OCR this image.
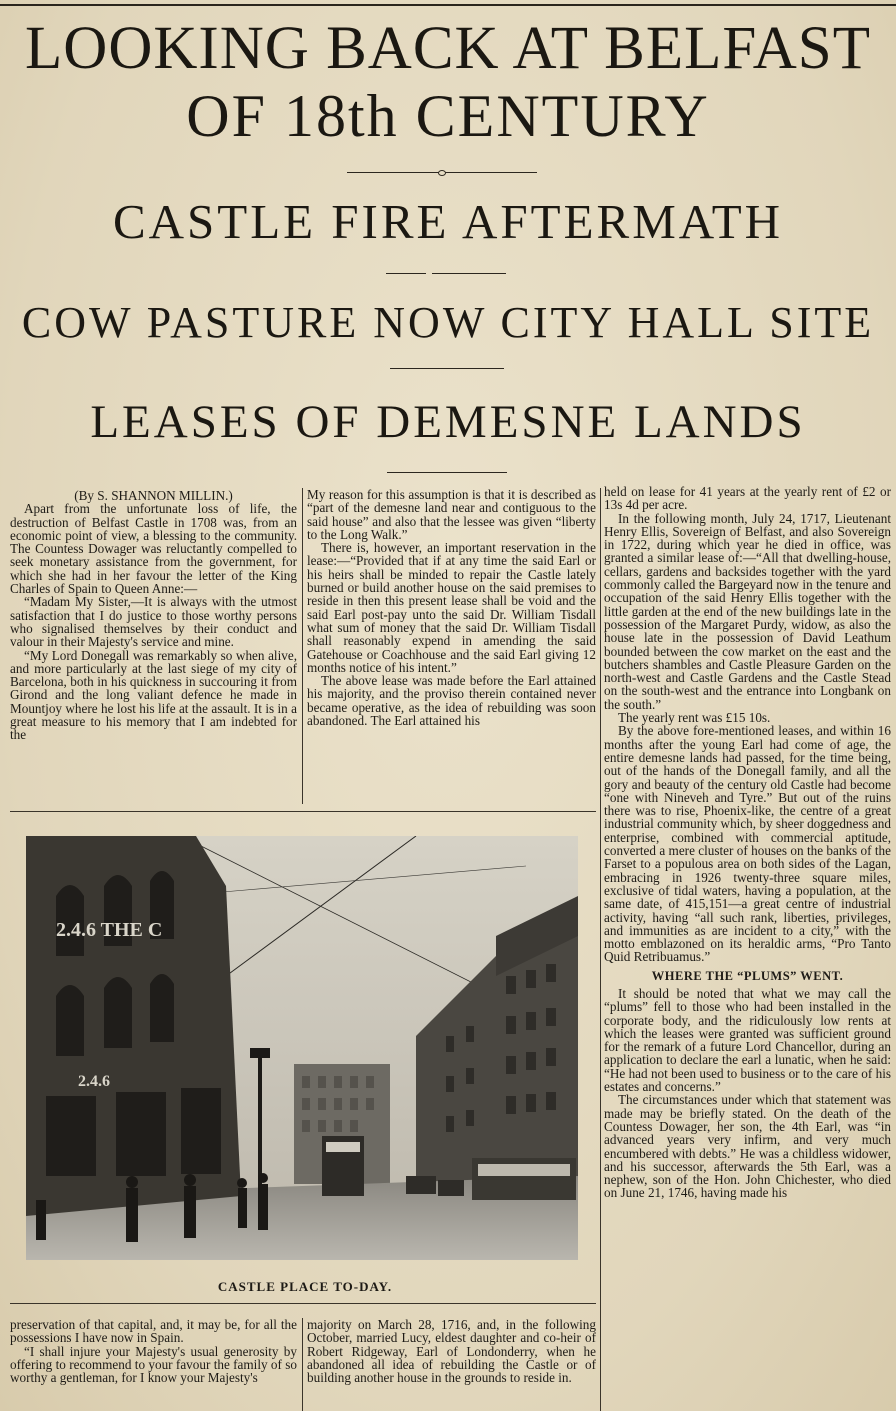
LOOKING BACK AT BELFAST
OF 18th CENTURY
CASTLE FIRE AFTERMATH
COW PASTURE NOW CITY HALL SITE
LEASES OF DEMESNE LANDS

(By S. SHANNON MILLIN.)

Apart from the unfortunate loss of life, the destruction of Belfast Castle in 1708 was, from an economic point of view, a blessing to the community. The Countess Dowager was reluctantly compelled to seek monetary assistance from the government, for which she had in her favour the letter of the King Charles of Spain to Queen Anne:—

“Madam My Sister,—It is always with the utmost satisfaction that I do justice to those worthy persons who signalised themselves by their conduct and valour in their Majesty's service and mine.

“My Lord Donegall was remarkably so when alive, and more particularly at the last siege of my city of Barcelona, both in his quickness in succouring it from Girond and the long valiant defence he made in Mountjoy where he lost his life at the assault. It is in a great measure to his memory that I am indebted for the

My reason for this assumption is that it is described as “part of the demesne land near and contiguous to the said house” and also that the lessee was given “liberty to the Long Walk.”

There is, however, an important reservation in the lease:—“Provided that if at any time the said Earl or his heirs shall be minded to repair the Castle lately burned or build another house on the said premises to reside in then this present lease shall be void and the said Earl post-pay unto the said Dr. William Tisdall what sum of money that the said Dr. William Tisdall shall reasonably expend in amending the said Gatehouse or Coachhouse and the said Earl giving 12 months notice of his intent.”

The above lease was made before the Earl attained his majority, and the proviso therein contained never became operative, as the idea of rebuilding was soon abandoned. The Earl attained his

held on lease for 41 years at the yearly rent of £2 or 13s 4d per acre.

In the following month, July 24, 1717, Lieutenant Henry Ellis, Sovereign of Belfast, and also Sovereign in 1722, during which year he died in office, was granted a similar lease of:—“All that dwelling-house, cellars, gardens and backsides together with the yard commonly called the Bargeyard now in the tenure and occupation of the said Henry Ellis together with the little garden at the end of the new buildings late in the possession of the Margaret Purdy, widow, as also the house late in the possession of David Leathum bounded between the cow market on the east and the butchers shambles and Castle Pleasure Garden on the north-west and Castle Gardens and the Castle Stead on the south-west and the entrance into Longbank on the south.”

The yearly rent was £15 10s.

By the above fore-mentioned leases, and within 16 months after the young Earl had come of age, the entire demesne lands had passed, for the time being, out of the hands of the Donegall family, and all the gory and beauty of the century old Castle had become “one with Nineveh and Tyre.” But out of the ruins there was to rise, Phoenix-like, the centre of a great industrial community which, by sheer doggedness and enterprise, combined with commercial aptitude, converted a mere cluster of houses on the banks of the Farset to a populous area on both sides of the Lagan, embracing in 1926 twenty-three square miles, exclusive of tidal waters, having a population, at the same date, of 415,151—a great centre of industrial activity, having “all such rank, liberties, privileges, and immunities as are incident to a city,” with the motto emblazoned on its heraldic arms, “Pro Tanto Quid Retribuamus.”

WHERE THE “PLUMS” WENT.

It should be noted that what we may call the “plums” fell to those who had been installed in the corporate body, and the ridiculously low rents at which the leases were granted was sufficient ground for the remark of a future Lord Chancellor, during an application to declare the earl a lunatic, when he said: “He had not been used to business or to the care of his estates and concerns.”

The circumstances under which that statement was made may be briefly stated. On the death of the Countess Dowager, her son, the 4th Earl, was “in advanced years very infirm, and very much encumbered with debts.” He was a childless widower, and his successor, afterwards the 5th Earl, was a nephew, son of the Hon. John Chichester, who died on June 21, 1746, having made his

2.4.6 THE C
2.4.6
CASTLE PLACE TO-DAY.

preservation of that capital, and, it may be, for all the possessions I have now in Spain.

“I shall injure your Majesty's usual generosity by offering to recommend to your favour the family of so worthy a gentleman, for I know your Majesty's

majority on March 28, 1716, and, in the following October, married Lucy, eldest daughter and co-heir of Robert Ridgeway, Earl of Londonderry, when he abandoned all idea of rebuilding the Castle or of building another house in the grounds to reside in.
